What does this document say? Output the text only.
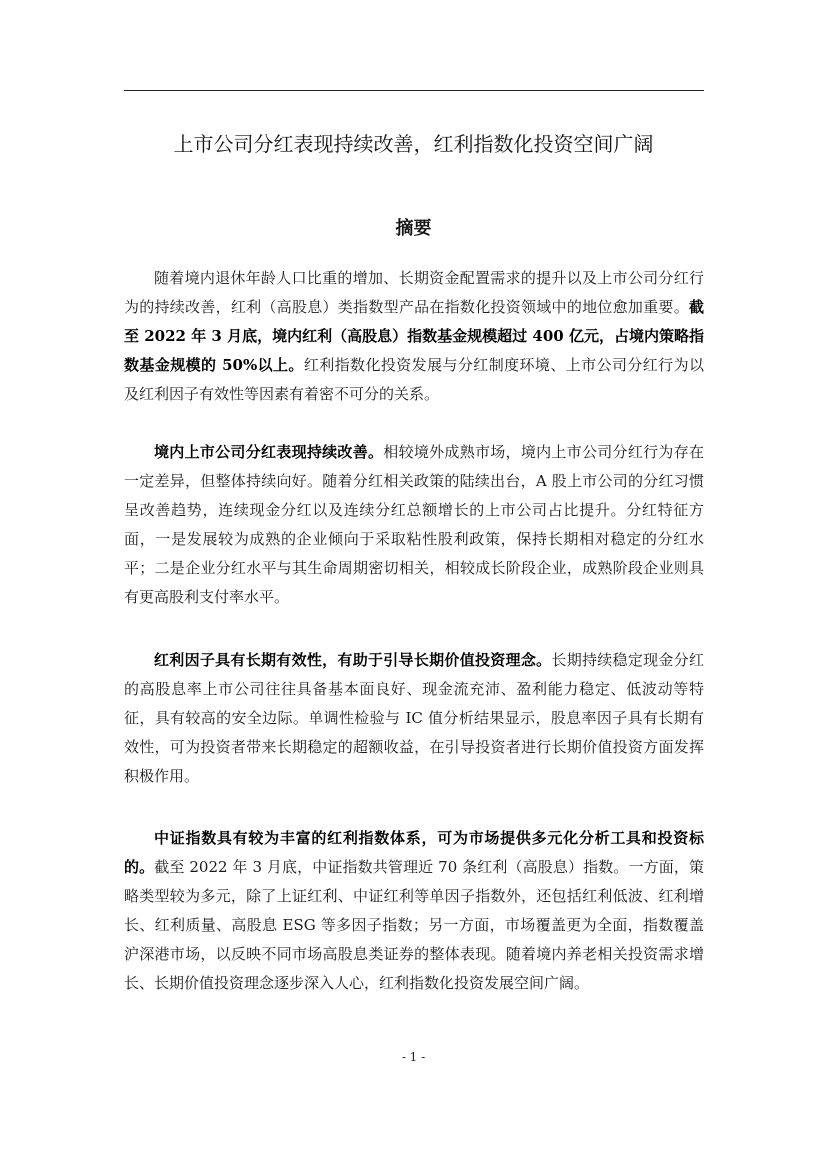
上市公司分红表现持续改善，红利指数化投资空间广阔
摘要

随着境内退休年龄人口比重的增加、长期资金配置需求的提升以及上市公司分红行为的持续改善，红利（高股息）类指数型产品在指数化投资领域中的地位愈加重要。截至 2022 年 3 月底，境内红利（高股息）指数基金规模超过 400 亿元，占境内策略指数基金规模的 50%以上。红利指数化投资发展与分红制度环境、上市公司分红行为以及红利因子有效性等因素有着密不可分的关系。

境内上市公司分红表现持续改善。相较境外成熟市场，境内上市公司分红行为存在一定差异，但整体持续向好。随着分红相关政策的陆续出台，A 股上市公司的分红习惯呈改善趋势，连续现金分红以及连续分红总额增长的上市公司占比提升。分红特征方面，一是发展较为成熟的企业倾向于采取粘性股利政策，保持长期相对稳定的分红水平；二是企业分红水平与其生命周期密切相关，相较成长阶段企业，成熟阶段企业则具有更高股利支付率水平。

红利因子具有长期有效性，有助于引导长期价值投资理念。长期持续稳定现金分红的高股息率上市公司往往具备基本面良好、现金流充沛、盈利能力稳定、低波动等特征，具有较高的安全边际。单调性检验与 IC 值分析结果显示，股息率因子具有长期有效性，可为投资者带来长期稳定的超额收益，在引导投资者进行长期价值投资方面发挥积极作用。

中证指数具有较为丰富的红利指数体系，可为市场提供多元化分析工具和投资标的。截至 2022 年 3 月底，中证指数共管理近 70 条红利（高股息）指数。一方面，策略类型较为多元，除了上证红利、中证红利等单因子指数外，还包括红利低波、红利增长、红利质量、高股息 ESG 等多因子指数；另一方面，市场覆盖更为全面，指数覆盖沪深港市场，以反映不同市场高股息类证券的整体表现。随着境内养老相关投资需求增长、长期价值投资理念逐步深入人心，红利指数化投资发展空间广阔。

- 1 -
